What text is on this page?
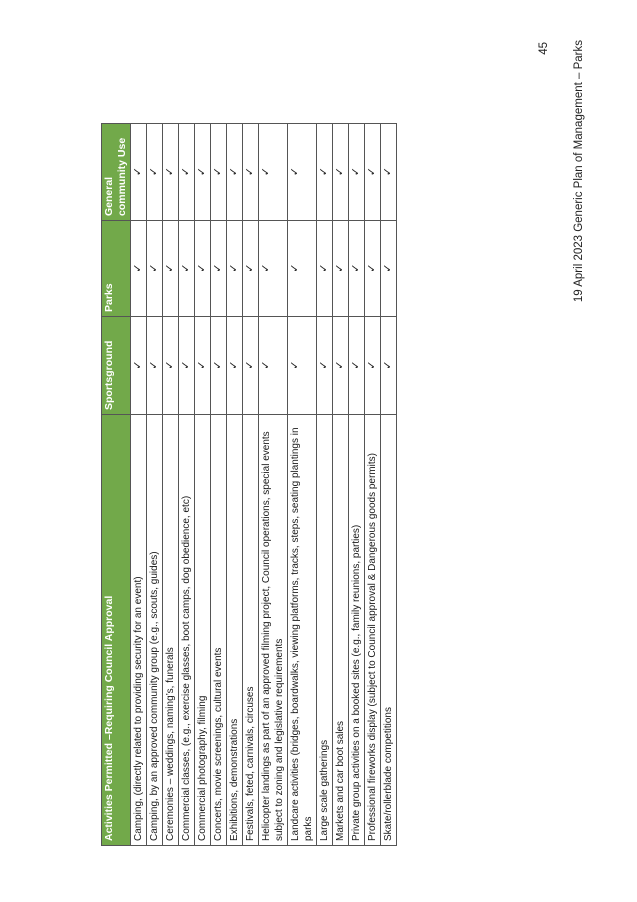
Activities Permitted –Requiring Council Approval	Sportsground	Parks	General community Use
Camping, (directly related to providing security for an event)	✓	✓	✓
Camping, by an approved community group (e.g., scouts, guides)	✓	✓	✓
Ceremonies – weddings, naming’s, funerals	✓	✓	✓
Commercial classes, (e.g., exercise glasses, boot camps, dog obedience, etc)	✓	✓	✓
Commercial photography, filming	✓	✓	✓
Concerts, movie screenings, cultural events	✓	✓	✓
Exhibitions, demonstrations	✓	✓	✓
Festivals, feted, carnivals, circuses	✓	✓	✓
Helicopter landings as part of an approved filming project, Council operations, special events subject to zoning and legislative requirements	✓	✓	✓
Landcare activities (bridges, boardwalks, viewing platforms, tracks, steps, seating plantings in parks	✓	✓	✓
Large scale gatherings	✓	✓	✓
Markets and car boot sales	✓	✓	✓
Private group activities on a booked sites (e.g., family reunions, parties)	✓	✓	✓
Professional fireworks display (subject to Council approval & Dangerous goods permits)	✓	✓	✓
Skate/rollerblade competitions	✓	✓	✓
45 19 April 2023 Generic Plan of Management – Parks
